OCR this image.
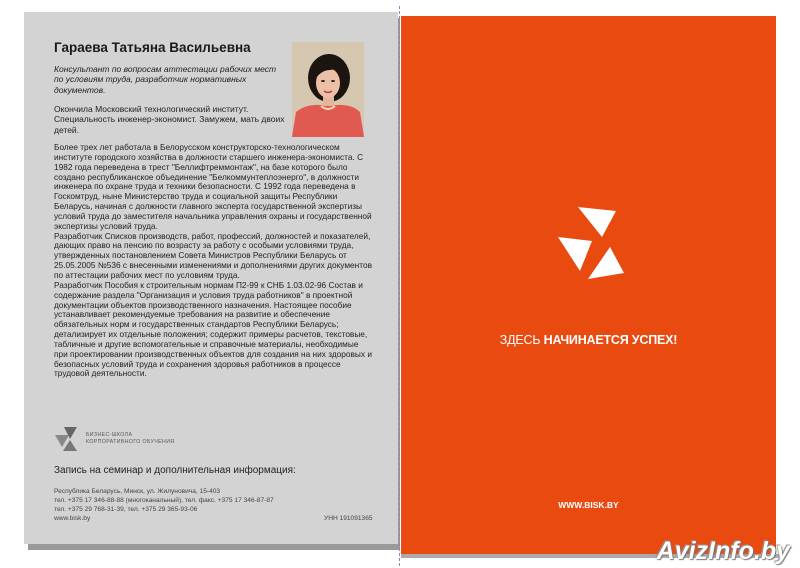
Гараева Татьяна Васильевна
Консультант по вопросам аттестации рабочих мест по условиям труда, разработчик нормативных документов.
Окончила Московский технологический институт. Специальность инженер-экономист. Замужем, мать двоих детей.

Более трех лет работала в Белорусском конструкторско-технологическом институте городского хозяйства в должности старшего инженера-экономиста. С 1982 года переведена в трест "Беллифтреммонтаж", на базе которого было создано республиканское объединение "Белкоммунтеплоэнерго", в должности инженера по охране труда и техники безопасности. С 1992 года переведена в Госкомтруд, ныне Министерство труда и социальной защиты Республики Беларусь, начиная с должности главного эксперта государственной экспертизы условий труда до заместителя начальника управления охраны и государственной экспертизы условий труда.

Разработчик Списков производств, работ, профессий, должностей и показателей, дающих право на пенсию по возрасту за работу с особыми условиями труда, утвержденных постановлением Совета Министров Республики Беларусь от 25.05.2005 №536 с внесенными изменениями и дополнениями других документов по аттестации рабочих мест по условиям труда.

Разработчик Пособия к строительным нормам П2-99 к СНБ 1.03.02-96 Состав и содержание раздела "Организация и условия труда работников" в проектной документации объектов производственного назначения. Настоящее пособие устанавливает рекомендуемые требования на развитие и обеспечение обязательных норм и государственных стандартов Республики Беларусь; детализирует их отдельные положения; содержит примеры расчетов, текстовые, табличные и другие вспомогательные и справочные материалы, необходимые при проектировании производственных объектов для создания на них здоровых и безопасных условий труда и сохранения здоровья работников в процессе трудовой деятельности.

БИЗНЕС-ШКОЛА
КОРПОРАТИВНОГО ОБУЧЕНИЯ
Запись на семинар и дополнительная информация:
Республика Беларусь, Минск, ул. Жилуновича, 15-403
тел. +375 17 346-88-88 (многоканальный), тел. факс. +375 17 346-87-87
тел. +375 29 768-31-39, тел. +375 29 365-93-06
www.bisk.by	УНН 191091365
ЗДЕСЬ НАЧИНАЕТСЯ УСПЕХ!
WWW.BISK.BY
AvizInfo.by
